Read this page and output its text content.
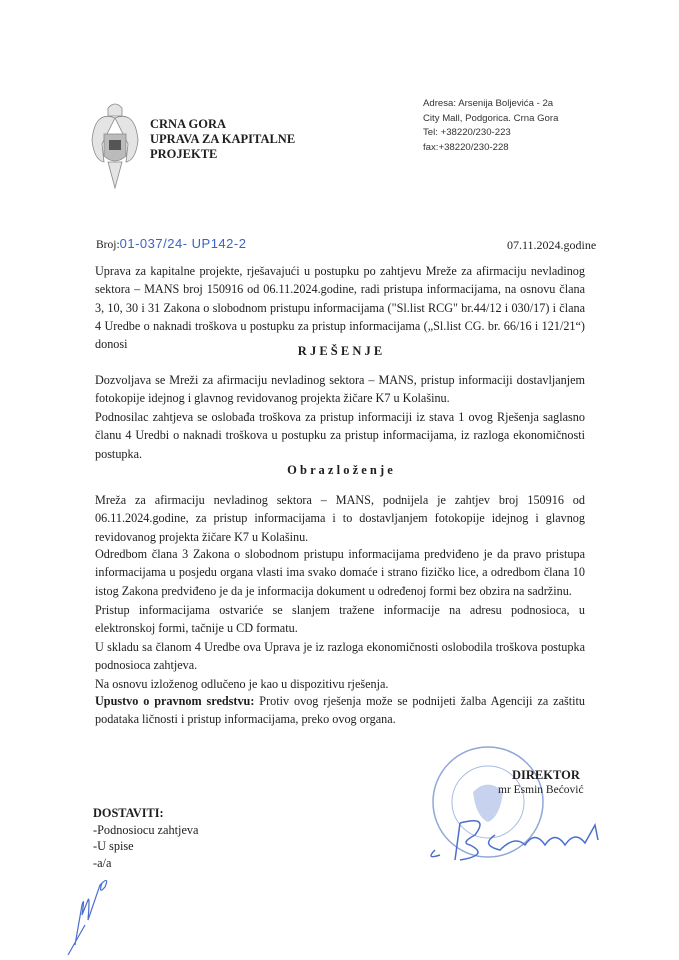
CRNA GORA
UPRAVA ZA KAPITALNE
PROJEKTE
Adresa: Arsenija Boljevića - 2a
City Mall, Podgorica. Crna Gora
Tel: +38220/230-223
fax:+38220/230-228
Broj:01-037/24- UP142-2	07.11.2024.godine
Uprava za kapitalne projekte, rješavajući u postupku po zahtjevu Mreže za afirmaciju nevladinog sektora – MANS broj 150916 od 06.11.2024.godine, radi pristupa informacijama, na osnovu člana 3, 10, 30 i 31 Zakona o slobodnom pristupu informacijama ("Sl.list RCG" br.44/12 i 030/17) i člana 4 Uredbe o naknadi troškova u postupku za pristup informacijama („Sl.list CG. br. 66/16 i 121/21“) donosi	R J E Š E N J E
Dozvoljava se Mreži za afirmaciju nevladinog sektora – MANS, pristup informaciji dostavljanjem fotokopije idejnog i glavnog revidovanog projekta žičare K7 u Kolašinu.
Podnosilac zahtjeva se oslobađa troškova za pristup informaciji iz stava 1 ovog Rješenja saglasno članu 4 Uredbi o naknadi troškova u postupku za pristup informacijama, iz razloga ekonomičnosti postupka.
O b r a z l o ž e n j e
Mreža za afirmaciju nevladinog sektora – MANS, podnijela je zahtjev broj 150916 od 06.11.2024.godine, za pristup informacijama i to dostavljanjem fotokopije idejnog i glavnog revidovanog projekta žičare K7 u Kolašinu.
Odredbom člana 3 Zakona o slobodnom pristupu informacijama predviđeno je da pravo pristupa informacijama u posjedu organa vlasti ima svako domaće i strano fizičko lice, a odredbom člana 10 istog Zakona predviđeno je da je informacija dokument u određenoj formi bez obzira na sadržinu.
Pristup informacijama ostvariće se slanjem tražene informacije na adresu podnosioca, u elektronskoj formi, tačnije u CD formatu.
U skladu sa članom 4 Uredbe ova Uprava je iz razloga ekonomičnosti oslobodila troškova postupka podnosioca zahtjeva.
Na osnovu izloženog odlučeno je kao u dispozitivu rješenja.
Upustvo o pravnom sredstvu: Protiv ovog rješenja može se podnijeti žalba Agenciji za zaštitu podataka ličnosti i pristup informacijama, preko ovog organa.
DIREKTOR
mr Esmin Bećović
DOSTAVITI:
-Podnosiocu zahtjeva
-U spise
-a/a
